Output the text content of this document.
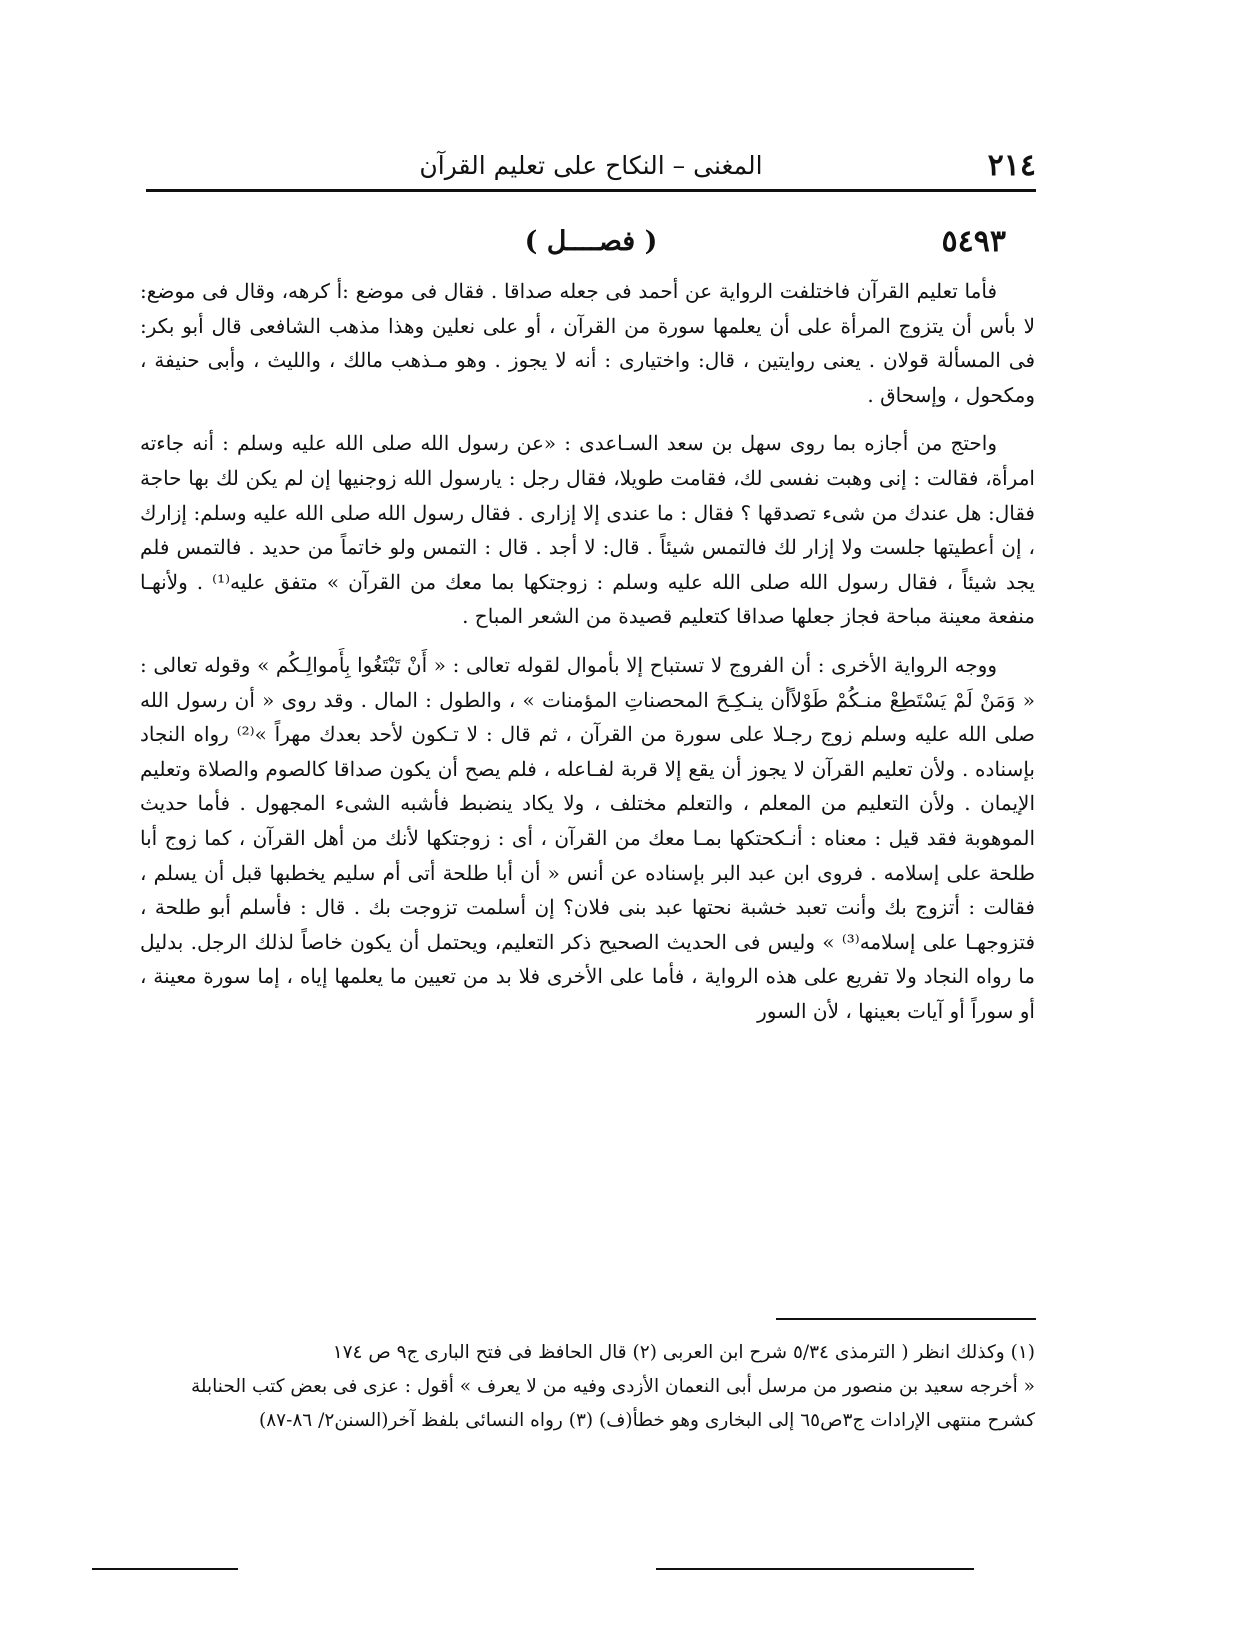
٢١٤
المغنى – النكاح على تعليم القرآن
٥٤٩٣
( فصــــل )

فأما تعليم القرآن فاختلفت الرواية عن أحمد فى جعله صداقا . فقال فى موضع :أ كرهه، وقال فى موضع: لا بأس أن يتزوج المرأة على أن يعلمها سورة من القرآن ، أو على نعلين وهذا مذهب الشافعى قال أبو بكر: فى المسألة قولان . يعنى روايتين ، قال: واختيارى : أنه لا يجوز . وهو مـذهب مالك ، والليث ، وأبى حنيفة ، ومكحول ، وإسحاق .

واحتج من أجازه بما روى سهل بن سعد السـاعدى : «عن رسول الله صلى الله عليه وسلم : أنه جاءته امرأة، فقالت : إنى وهبت نفسى لك، فقامت طويلا، فقال رجل : يارسول الله زوجنيها إن لم يكن لك بها حاجة فقال: هل عندك من شىء تصدقها ؟ فقال : ما عندى إلا إزارى . فقال رسول الله صلى الله عليه وسلم: إزارك ، إن أعطيتها جلست ولا إزار لك فالتمس شيئاً . قال: لا أجد . قال : التمس ولو خاتماً من حديد . فالتمس فلم يجد شيئاً ، فقال رسول الله صلى الله عليه وسلم : زوجتكها بما معك من القرآن » متفق عليه⁽¹⁾ . ولأنهـا منفعة معينة مباحة فجاز جعلها صداقا كتعليم قصيدة من الشعر المباح .

ووجه الرواية الأخرى : أن الفروج لا تستباح إلا بأموال لقوله تعالى : « أَنْ تَبْتَغُوا بِأَموالِـكُم » وقوله تعالى : « وَمَنْ لَمْ يَسْتَطِعْ منـكُمْ طَوْلاًأن ينـكِـحَ المحصناتِ المؤمنات » ، والطول : المال . وقد روى « أن رسول الله صلى الله عليه وسلم زوج رجـلا على سورة من القرآن ، ثم قال : لا تـكون لأحد بعدك مهراً »⁽²⁾ رواه النجاد بإسناده . ولأن تعليم القرآن لا يجوز أن يقع إلا قربة لفـاعله ، فلم يصح أن يكون صداقا كالصوم والصلاة وتعليم الإيمان . ولأن التعليم من المعلم ، والتعلم مختلف ، ولا يكاد ينضبط فأشبه الشىء المجهول . فأما حديث الموهوبة فقد قيل : معناه : أنـكحتكها بمـا معك من القرآن ، أى : زوجتكها لأنك من أهل القرآن ، كما زوج أبا طلحة على إسلامه . فروى ابن عبد البر بإسناده عن أنس « أن أبا طلحة أتى أم سليم يخطبها قبل أن يسلم ، فقالت : أتزوج بك وأنت تعبد خشبة نحتها عبد بنى فلان؟ إن أسلمت تزوجت بك . قال : فأسلم أبو طلحة ، فتزوجهـا على إسلامه⁽³⁾ » وليس فى الحديث الصحيح ذكر التعليم، ويحتمل أن يكون خاصاً لذلك الرجل. بدليل ما رواه النجاد ولا تفريع على هذه الرواية ، فأما على الأخرى فلا بد من تعيين ما يعلمها إياه ، إما سورة معينة ، أو سوراً أو آيات بعينها ، لأن السور

(١) وكذلك انظر ( الترمذى ٥/٣٤ شرح ابن العربى (٢) قال الحافظ فى فتح البارى ج٩ ص ١٧٤
« أخرجه سعيد بن منصور من مرسل أبى النعمان الأزدى وفيه من لا يعرف » أقول : عزى فى بعض كتب الحنابلة
كشرح منتهى الإرادات ج٣ص٦٥ إلى البخارى وهو خطأ(ف) (٣) رواه النسائى بلفظ آخر(السنن٢/ ٨٦-٨٧)
